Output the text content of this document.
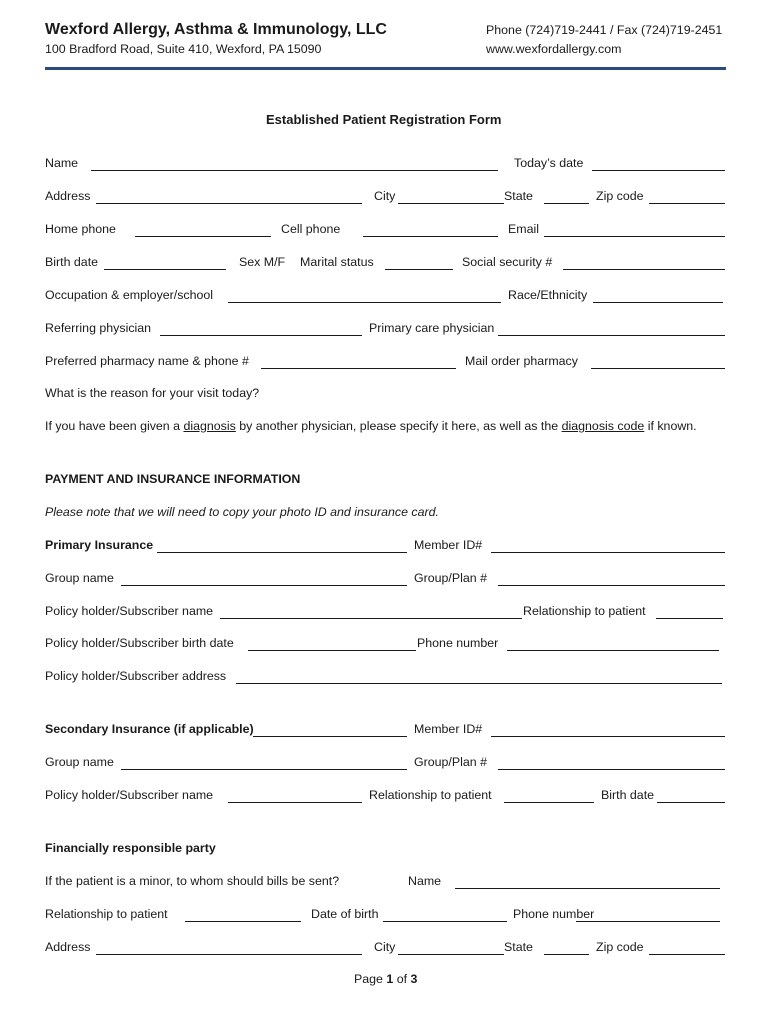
Wexford Allergy, Asthma & Immunology, LLC
100 Bradford Road, Suite 410, Wexford, PA 15090
Phone (724)719-2441 / Fax (724)719-2451
www.wexfordallergy.com
Established Patient Registration Form
Name	Today’s date
Address	City	State	Zip code
Home phone	Cell phone	Email
Birth date	Sex M/F Marital status	Social security #
Occupation & employer/school	Race/Ethnicity
Referring physician	Primary care physician
Preferred pharmacy name & phone #	Mail order pharmacy
What is the reason for your visit today?
If you have been given a diagnosis by another physician, please specify it here, as well as the diagnosis code if known.
PAYMENT AND INSURANCE INFORMATION
Please note that we will need to copy your photo ID and insurance card.
Primary Insurance	Member ID#
Group name	Group/Plan #
Policy holder/Subscriber name	Relationship to patient
Policy holder/Subscriber birth date	Phone number
Policy holder/Subscriber address
Secondary Insurance (if applicable)	Member ID#
Group name	Group/Plan #
Policy holder/Subscriber name	Relationship to patient	Birth date
Financially responsible party
If the patient is a minor, to whom should bills be sent?	Name
Relationship to patient	Date of birth	Phone number
Address	City	State	Zip code
Page 1 of 3
